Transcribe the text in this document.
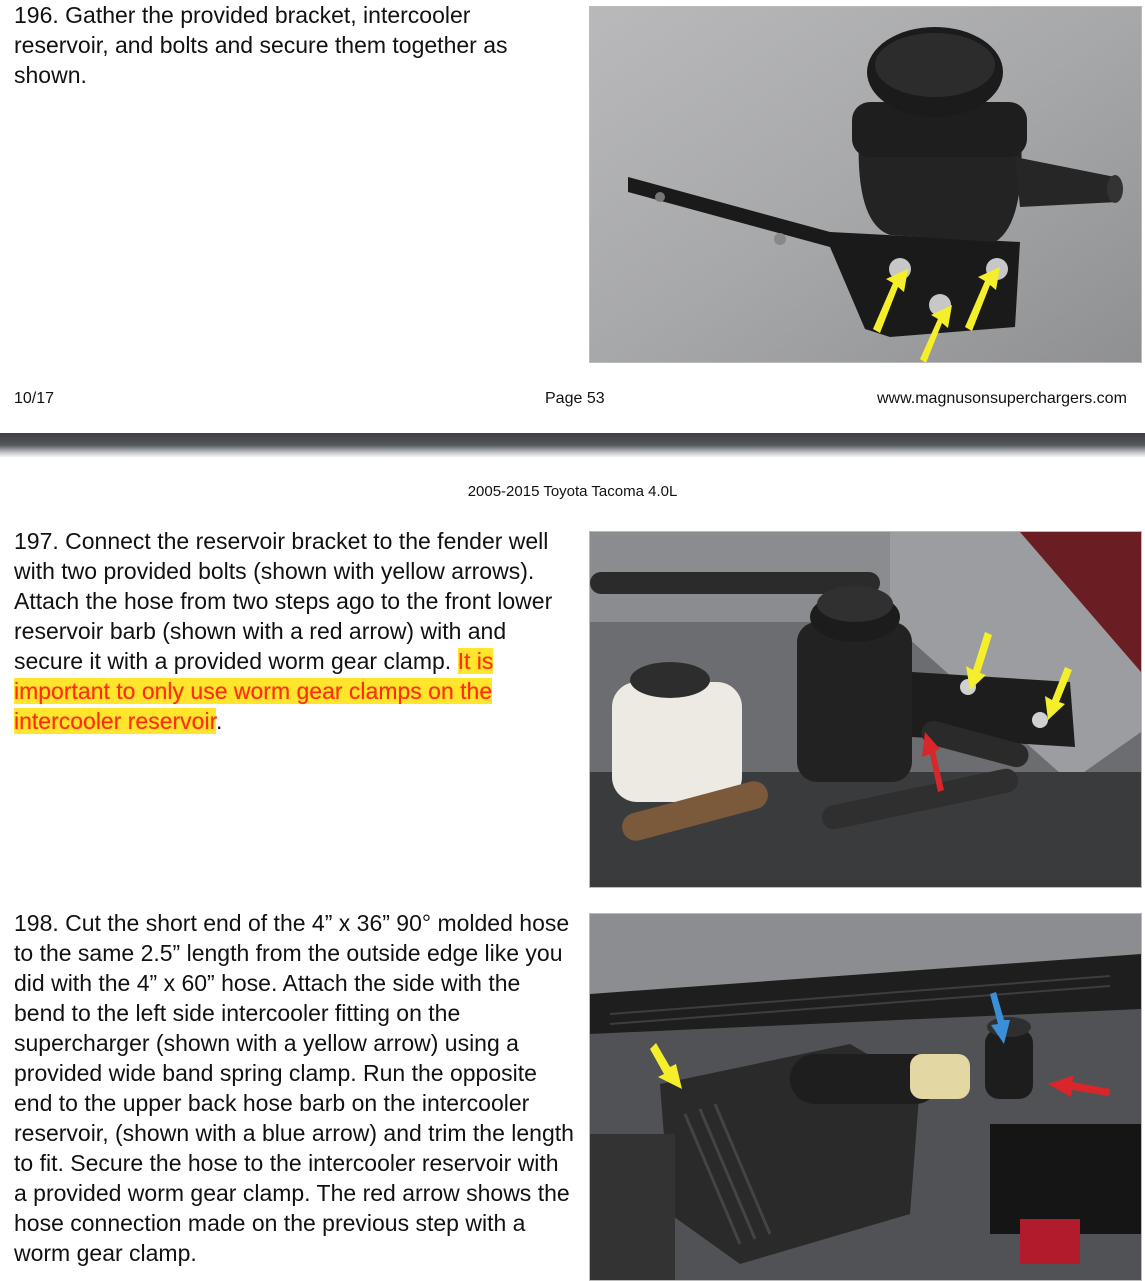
196. Gather the provided bracket, intercooler reservoir, and bolts and secure them together as shown.

10/17	Page 53	www.magnusonsuperchargers.com
2005-2015 Toyota Tacoma 4.0L

197. Connect the reservoir bracket to the fender well with two provided bolts (shown with yellow arrows). Attach the hose from two steps ago to the front lower reservoir barb (shown with a red arrow) with and secure it with a provided worm gear clamp. It is important to only use worm gear clamps on the intercooler reservoir.

198. Cut the short end of the 4” x 36” 90° molded hose to the same 2.5” length from the outside edge like you did with the 4” x 60” hose. Attach the side with the bend to the left side intercooler fitting on the supercharger (shown with a yellow arrow) using a provided wide band spring clamp. Run the opposite end to the upper back hose barb on the intercooler reservoir, (shown with a blue arrow) and trim the length to fit. Secure the hose to the intercooler reservoir with a provided worm gear clamp. The red arrow shows the hose connection made on the previous step with a worm gear clamp.
